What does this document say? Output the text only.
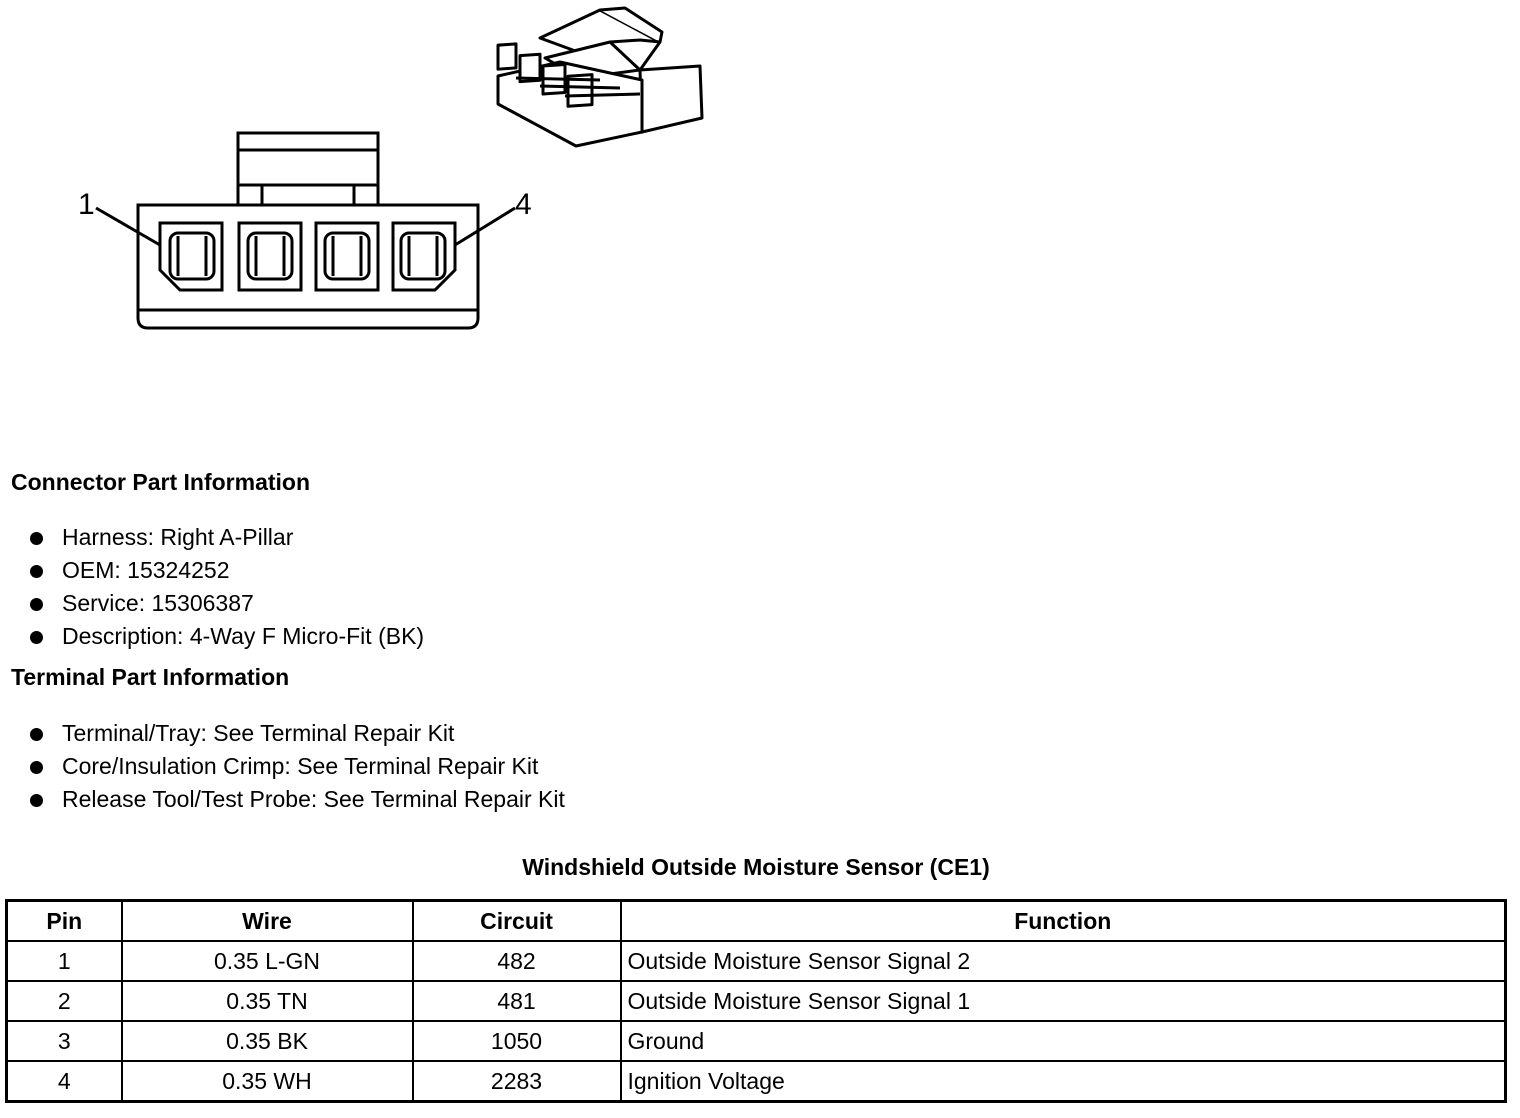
1	4
Connector Part Information
Harness: Right A-Pillar
OEM: 15324252
Service: 15306387
Description: 4-Way F Micro-Fit (BK)
Terminal Part Information
Terminal/Tray: See Terminal Repair Kit
Core/Insulation Crimp: See Terminal Repair Kit
Release Tool/Test Probe: See Terminal Repair Kit
Windshield Outside Moisture Sensor (CE1)
Pin	Wire	Circuit	Function
1	0.35 L-GN	482	Outside Moisture Sensor Signal 2
2	0.35 TN	481	Outside Moisture Sensor Signal 1
3	0.35 BK	1050	Ground
4	0.35 WH	2283	Ignition Voltage
